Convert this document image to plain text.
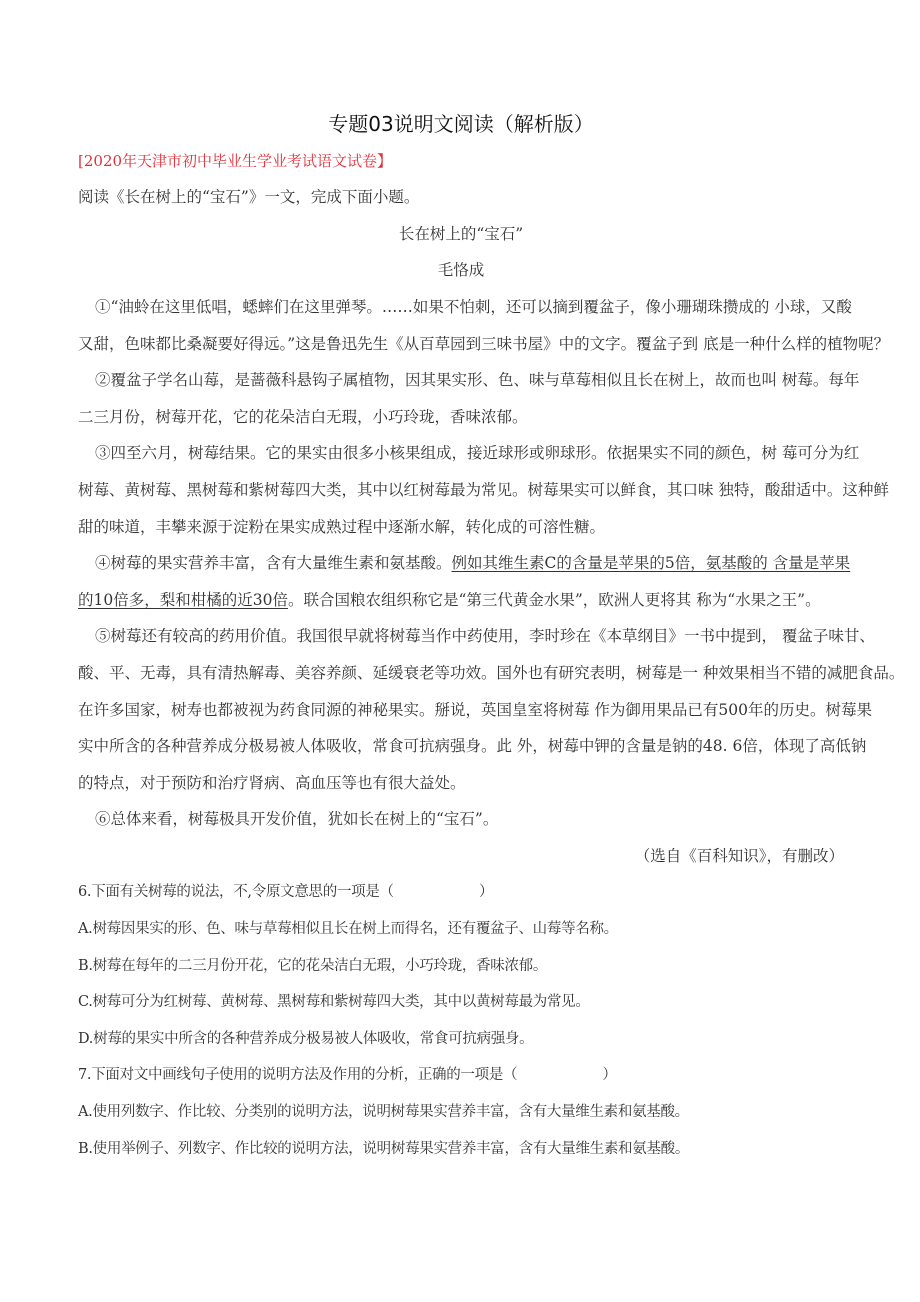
专题03说明文阅读（解析版）
[2020年天津市初中毕业生学业考试语文试卷】
阅读《长在树上的“宝石”》一文，完成下面小题。
长在树上的“宝石”
毛恪成
①“油蛉在这里低唱，蟋蟀们在这里弹琴。……如果不怕刺，还可以摘到覆盆子，像小珊瑚珠攒成的 小球，又酸
又甜，色味都比桑凝要好得远。”这是鲁迅先生《从百草园到三味书屋》中的文字。覆盆子到 底是一种什么样的植物呢？
②覆盆子学名山莓，是蔷薇科悬钩子属植物，因其果实形、色、味与草莓相似且长在树上，故而也叫 树莓。每年
二三月份，树莓开花，它的花朵洁白无瑕，小巧玲珑，香味浓郁。
③四至六月，树莓结果。它的果实由很多小核果组成，接近球形或卵球形。依据果实不同的颜色，树 莓可分为红
树莓、黄树莓、黑树莓和紫树莓四大类，其中以红树莓最为常见。树莓果实可以鲜食，其口味 独特，酸甜适中。这种鲜
甜的味道，丰攀来源于淀粉在果实成熟过程中逐渐水解，转化成的可溶性糖。
④树莓的果实营养丰富，含有大量维生素和氨基酸。例如其维生素C的含量是苹果的5倍，氨基酸的 含量是苹果
的10倍多，梨和柑橘的近30倍。联合国粮农组织称它是“第三代黄金水果”，欧洲人更将其 称为“水果之王”。
⑤树莓还有较高的药用价值。我国很早就将树莓当作中药使用，李时珍在《本草纲目》一书中提到， 覆盆子味甘、
酸、平、无毒，具有清热解毒、美容养颜、延缓衰老等功效。国外也有研究表明，树莓是一 种效果相当不错的减肥食品。
在许多国家，树寿也都被视为药食同源的神秘果实。掰说，英国皇室将树莓 作为御用果品已有500年的历史。树莓果
实中所含的各种营养成分极易被人体吸收，常食可抗病强身。此 外，树莓中钾的含量是钠的48. 6倍，体现了高低钠
的特点，对于预防和治疗肾病、高血压等也有很大益处。
⑥总体来看，树莓极具开发价值，犹如长在树上的“宝石”。
（选自《百科知识》，有删改）
6.下面有关树莓的说法，不,令原文意思的一项是（　　　　　　）
A.树莓因果实的形、色、味与草莓相似且长在树上而得名，还有覆盆子、山莓等名称。
B.树莓在每年的二三月份开花，它的花朵洁白无瑕，小巧玲珑，香味浓郁。
C.树莓可分为红树莓、黄树莓、黑树莓和紫树莓四大类，其中以黄树莓最为常见。
D.树莓的果实中所含的各种营养成分极易被人体吸收，常食可抗病强身。
7.下面对文中画线句子使用的说明方法及作用的分析，正确的一项是（　　　　　　）
A.使用列数字、作比较、分类别的说明方法，说明树莓果实营养丰富，含有大量维生素和氨基酸。
B.使用举例子、列数字、作比较的说明方法，说明树莓果实营养丰富，含有大量维生素和氨基酸。
